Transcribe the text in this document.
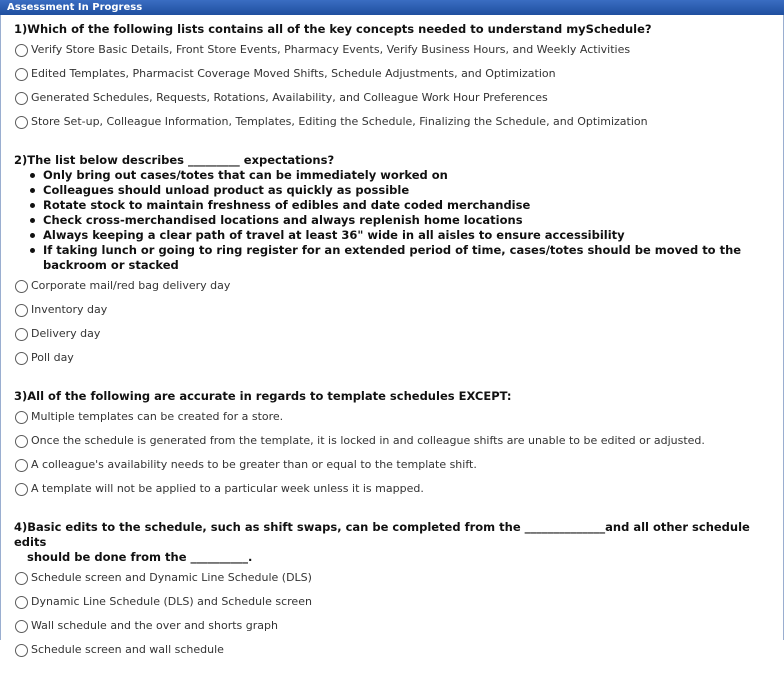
Assessment In Progress
1)Which of the following lists contains all of the key concepts needed to understand mySchedule?
Verify Store Basic Details, Front Store Events, Pharmacy Events, Verify Business Hours, and Weekly Activities
Edited Templates, Pharmacist Coverage Moved Shifts, Schedule Adjustments, and Optimization
Generated Schedules, Requests, Rotations, Availability, and Colleague Work Hour Preferences
Store Set-up, Colleague Information, Templates, Editing the Schedule, Finalizing the Schedule, and Optimization
2)The list below describes _________ expectations?
Only bring out cases/totes that can be immediately worked on
Colleagues should unload product as quickly as possible
Rotate stock to maintain freshness of edibles and date coded merchandise
Check cross-merchandised locations and always replenish home locations
Always keeping a clear path of travel at least 36" wide in all aisles to ensure accessibility
If taking lunch or going to ring register for an extended period of time, cases/totes should be moved to the backroom or stacked
Corporate mail/red bag delivery day
Inventory day
Delivery day
Poll day
3)All of the following are accurate in regards to template schedules EXCEPT:
Multiple templates can be created for a store.
Once the schedule is generated from the template, it is locked in and colleague shifts are unable to be edited or adjusted.
A colleague's availability needs to be greater than or equal to the template shift.
A template will not be applied to a particular week unless it is mapped.
4)Basic edits to the schedule, such as shift swaps, can be completed from the ______________and all other schedule edits
should be done from the __________.
Schedule screen and Dynamic Line Schedule (DLS)
Dynamic Line Schedule (DLS) and Schedule screen
Wall schedule and the over and shorts graph
Schedule screen and wall schedule
